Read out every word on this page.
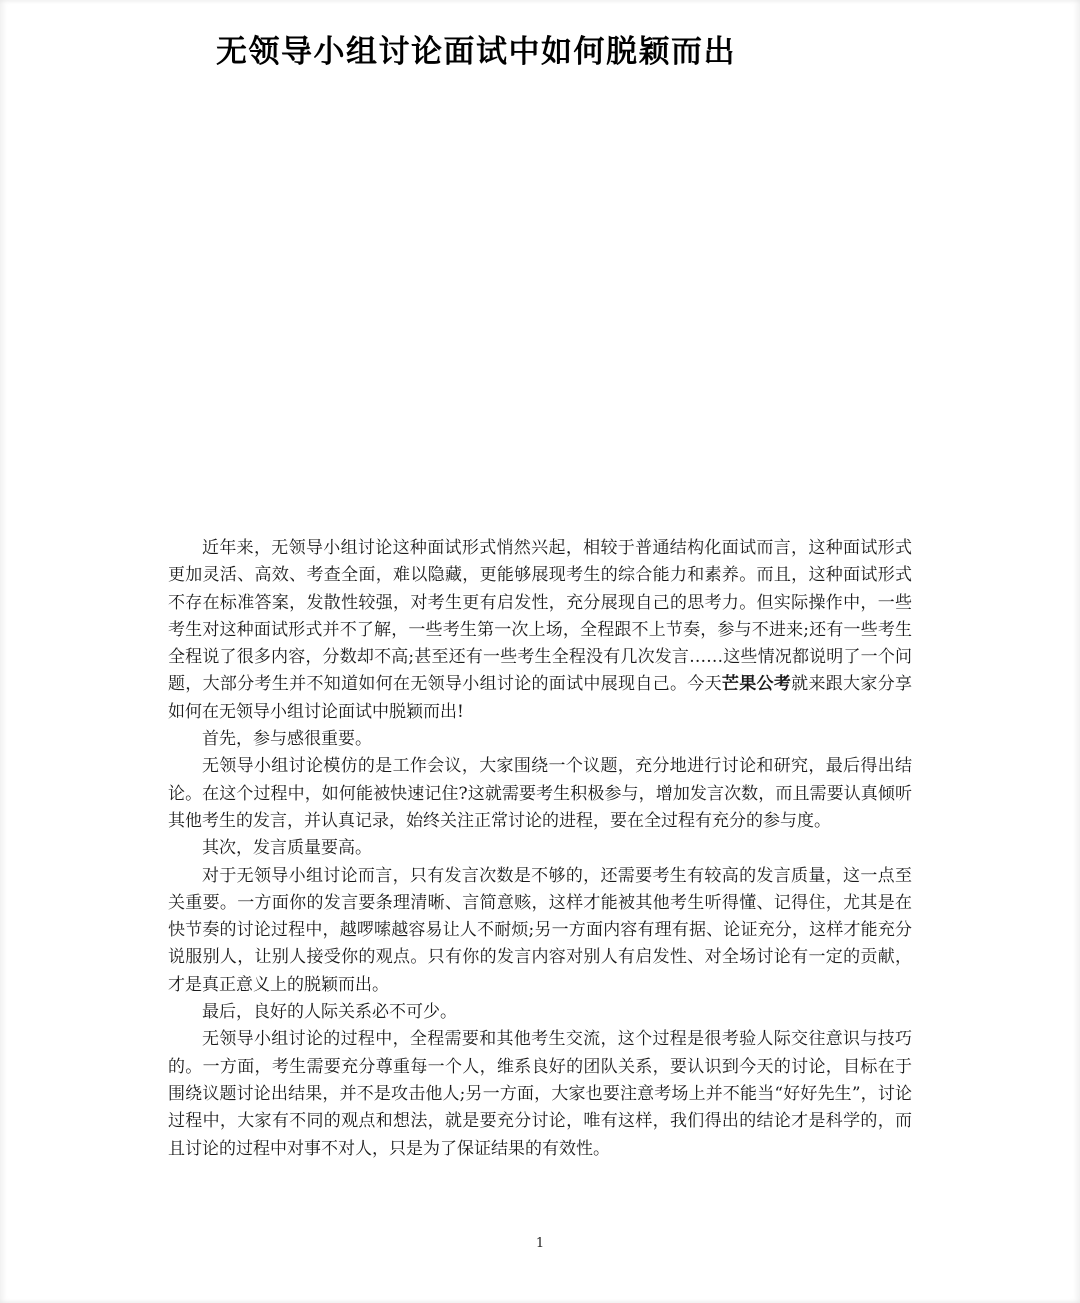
无领导小组讨论面试中如何脱颖而出

近年来，无领导小组讨论这种面试形式悄然兴起，相较于普通结构化面试而言，这种面试形式更加灵活、高效、考查全面，难以隐藏，更能够展现考生的综合能力和素养。而且，这种面试形式不存在标准答案，发散性较强，对考生更有启发性，充分展现自己的思考力。但实际操作中，一些考生对这种面试形式并不了解，一些考生第一次上场，全程跟不上节奏，参与不进来;还有一些考生全程说了很多内容，分数却不高;甚至还有一些考生全程没有几次发言……这些情况都说明了一个问题，大部分考生并不知道如何在无领导小组讨论的面试中展现自己。今天芒果公考就来跟大家分享如何在无领导小组讨论面试中脱颖而出!

首先，参与感很重要。

无领导小组讨论模仿的是工作会议，大家围绕一个议题，充分地进行讨论和研究，最后得出结论。在这个过程中，如何能被快速记住?这就需要考生积极参与，增加发言次数，而且需要认真倾听其他考生的发言，并认真记录，始终关注正常讨论的进程，要在全过程有充分的参与度。

其次，发言质量要高。

对于无领导小组讨论而言，只有发言次数是不够的，还需要考生有较高的发言质量，这一点至关重要。一方面你的发言要条理清晰、言简意赅，这样才能被其他考生听得懂、记得住，尤其是在快节奏的讨论过程中，越啰嗦越容易让人不耐烦;另一方面内容有理有据、论证充分，这样才能充分说服别人，让别人接受你的观点。只有你的发言内容对别人有启发性、对全场讨论有一定的贡献，才是真正意义上的脱颖而出。

最后，良好的人际关系必不可少。

无领导小组讨论的过程中，全程需要和其他考生交流，这个过程是很考验人际交往意识与技巧的。一方面，考生需要充分尊重每一个人，维系良好的团队关系，要认识到今天的讨论，目标在于围绕议题讨论出结果，并不是攻击他人;另一方面，大家也要注意考场上并不能当“好好先生”，讨论过程中，大家有不同的观点和想法，就是要充分讨论，唯有这样，我们得出的结论才是科学的，而且讨论的过程中对事不对人，只是为了保证结果的有效性。

1
